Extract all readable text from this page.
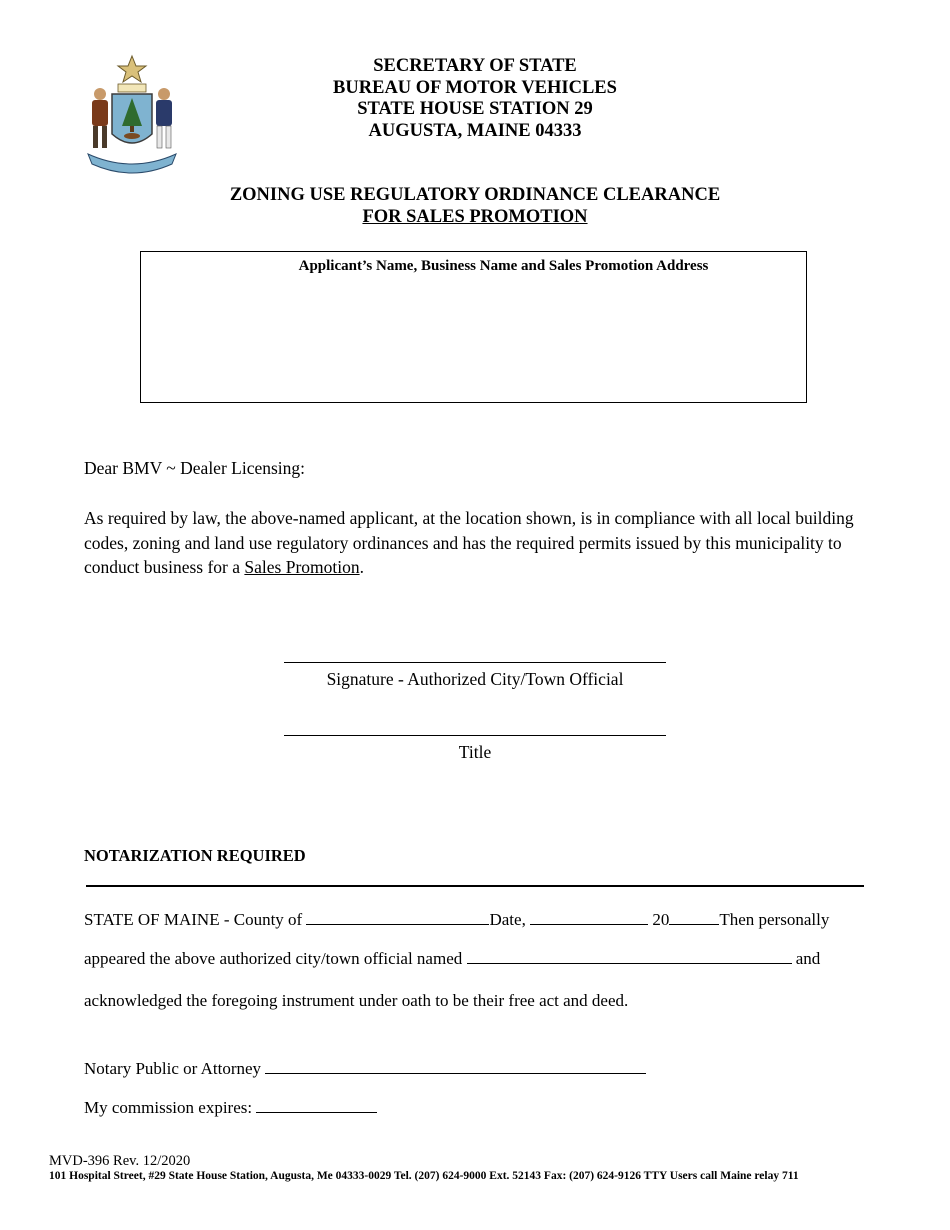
SECRETARY OF STATE
BUREAU OF MOTOR VEHICLES
STATE HOUSE STATION 29
AUGUSTA, MAINE 04333
ZONING USE REGULATORY ORDINANCE CLEARANCE
FOR SALES PROMOTION
Applicant’s Name, Business Name and Sales Promotion Address
Dear BMV ~ Dealer Licensing:
As required by law, the above-named applicant, at the location shown, is in compliance with all local building codes, zoning and land use regulatory ordinances and has the required permits issued by this municipality to conduct business for a Sales Promotion.
Signature - Authorized City/Town Official
Title
NOTARIZATION REQUIRED
STATE OF MAINE - County of	Date,	20	Then personally
appeared the above authorized city/town official named	and
acknowledged the foregoing instrument under oath to be their free act and deed.
Notary Public or Attorney
My commission expires:
MVD-396 Rev. 12/2020
101 Hospital Street, #29 State House Station, Augusta, Me 04333-0029 Tel. (207) 624-9000 Ext. 52143 Fax: (207) 624-9126 TTY Users call Maine relay 711
